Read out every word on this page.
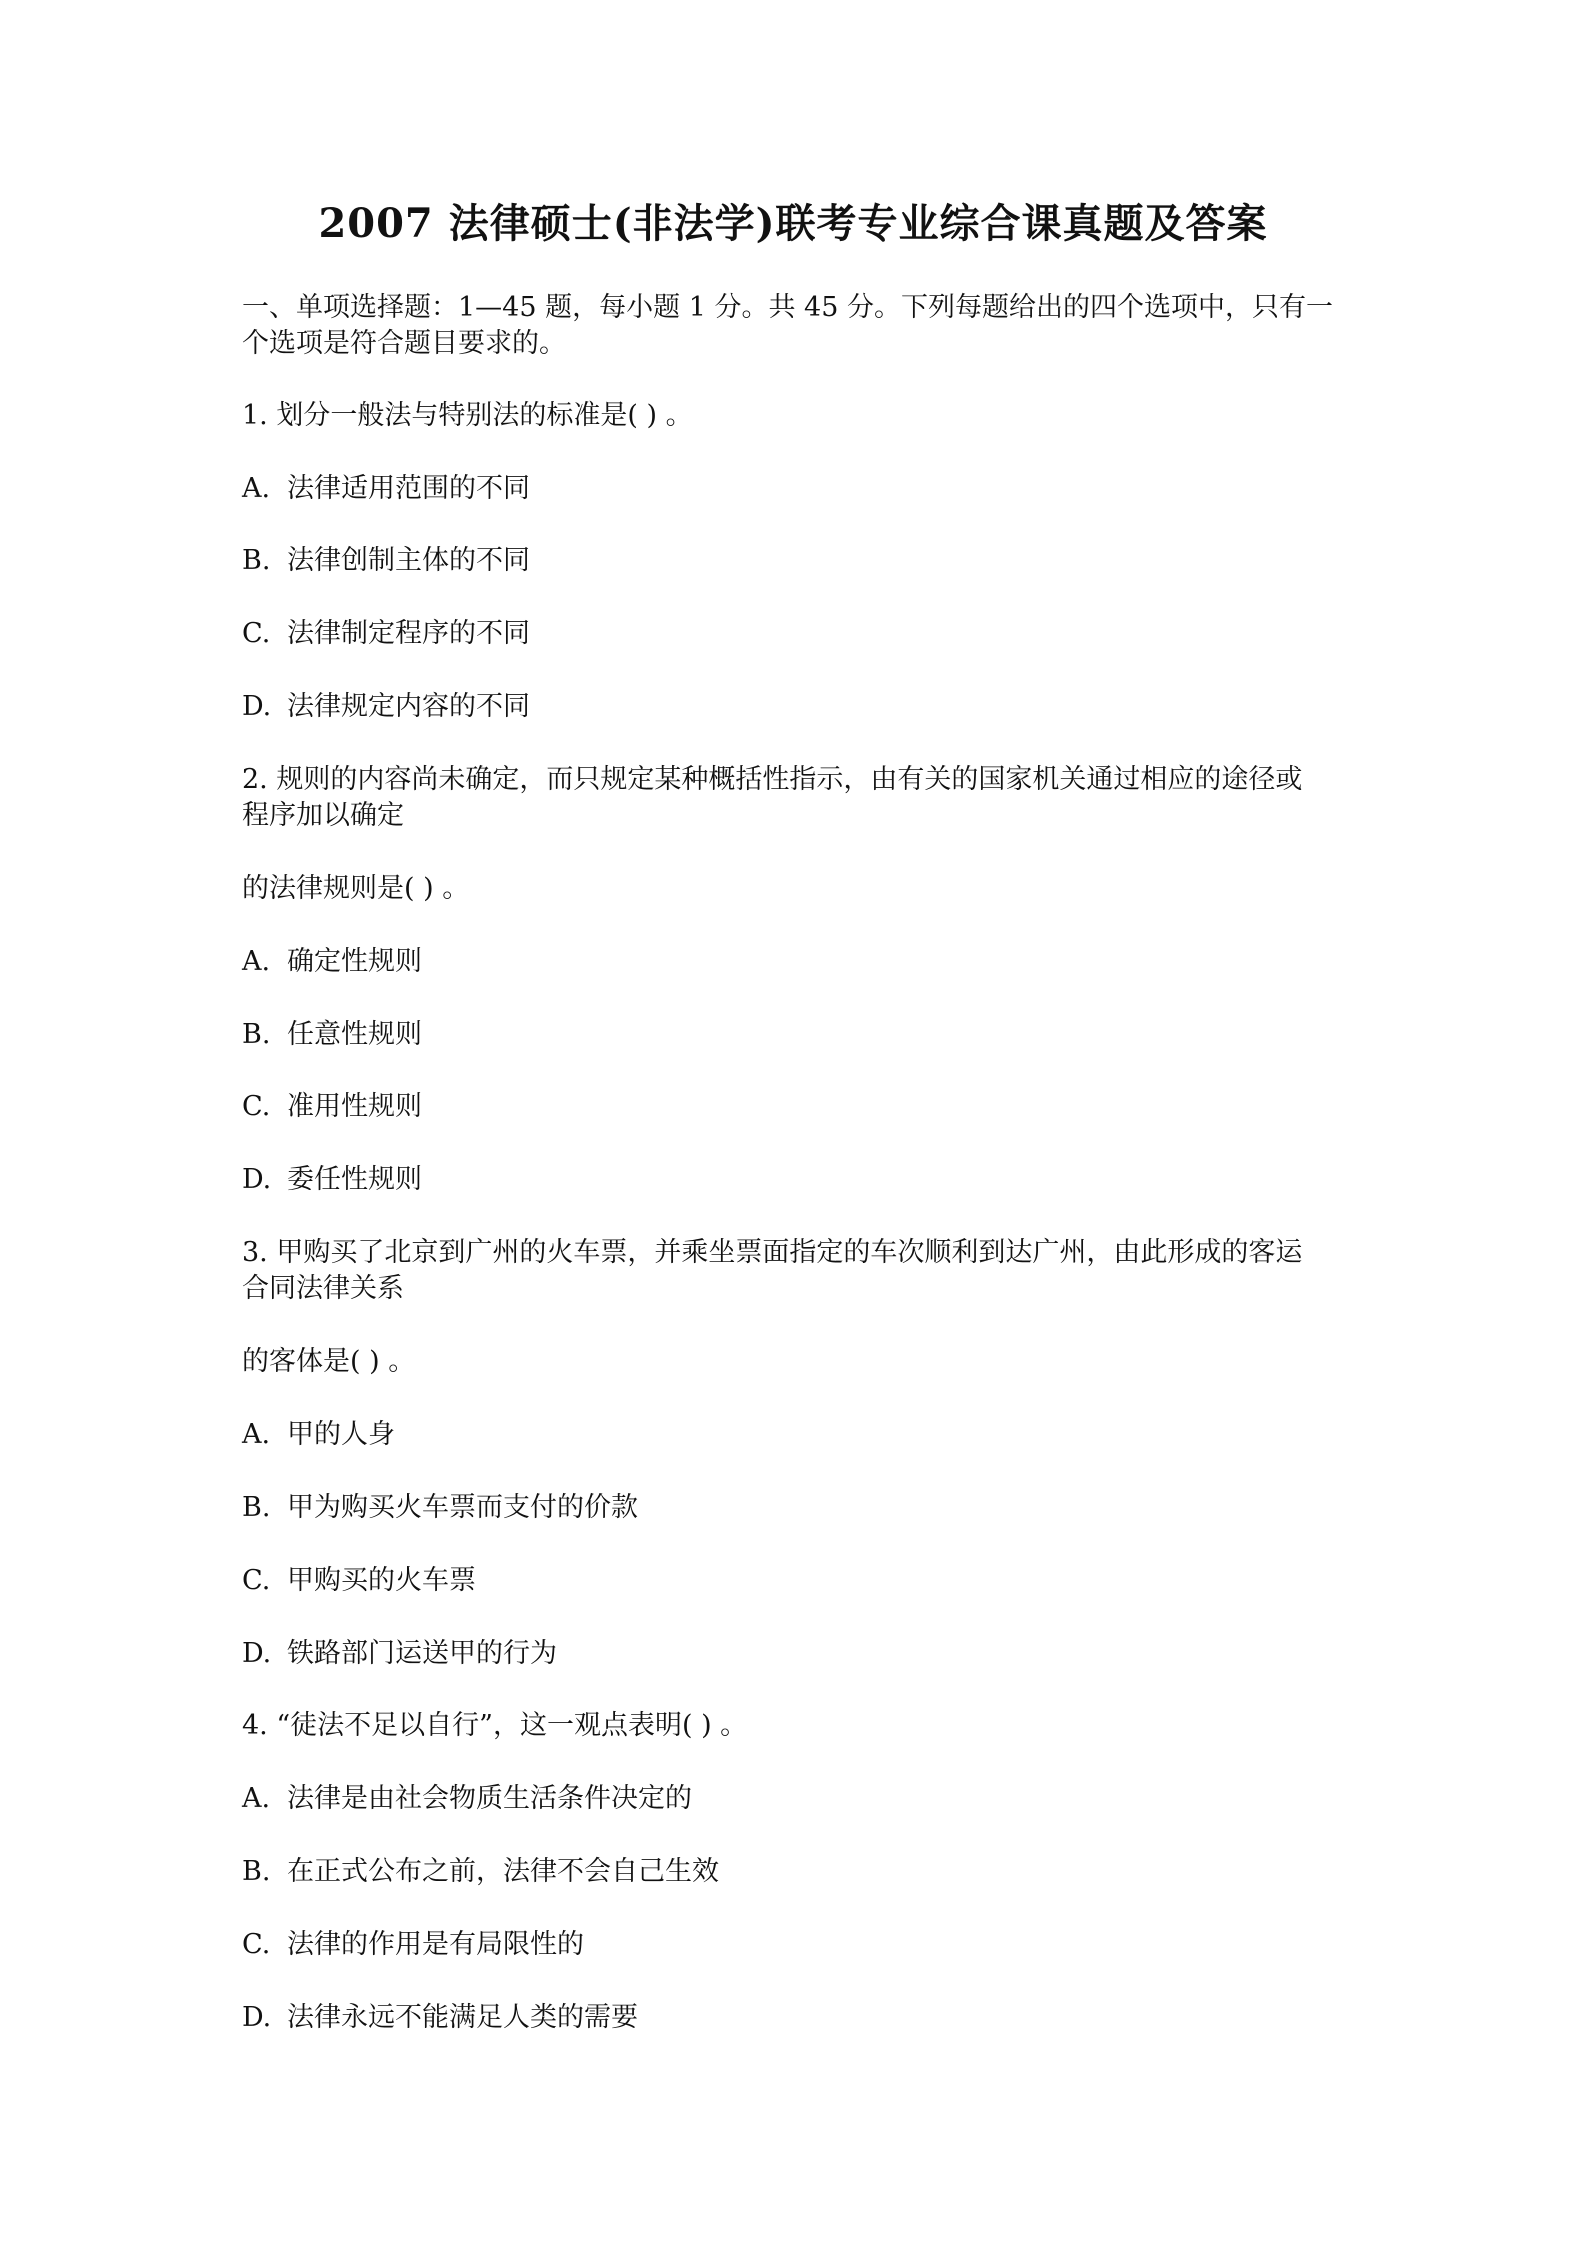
2007 法律硕士(非法学)联考专业综合课真题及答案
一、单项选择题：1—45 题，每小题 1 分。共 45 分。下列每题给出的四个选项中，只有一
个选项是符合题目要求的。
1. 划分一般法与特别法的标准是( ) 。
A. 法律适用范围的不同
B. 法律创制主体的不同
C. 法律制定程序的不同
D. 法律规定内容的不同
2. 规则的内容尚未确定，而只规定某种概括性指示，由有关的国家机关通过相应的途径或
程序加以确定
的法律规则是( ) 。
A. 确定性规则
B. 任意性规则
C. 准用性规则
D. 委任性规则
3. 甲购买了北京到广州的火车票，并乘坐票面指定的车次顺利到达广州，由此形成的客运
合同法律关系
的客体是( ) 。
A. 甲的人身
B. 甲为购买火车票而支付的价款
C. 甲购买的火车票
D. 铁路部门运送甲的行为
4. “徒法不足以自行”，这一观点表明( ) 。
A. 法律是由社会物质生活条件决定的
B. 在正式公布之前，法律不会自己生效
C. 法律的作用是有局限性的
D. 法律永远不能满足人类的需要
